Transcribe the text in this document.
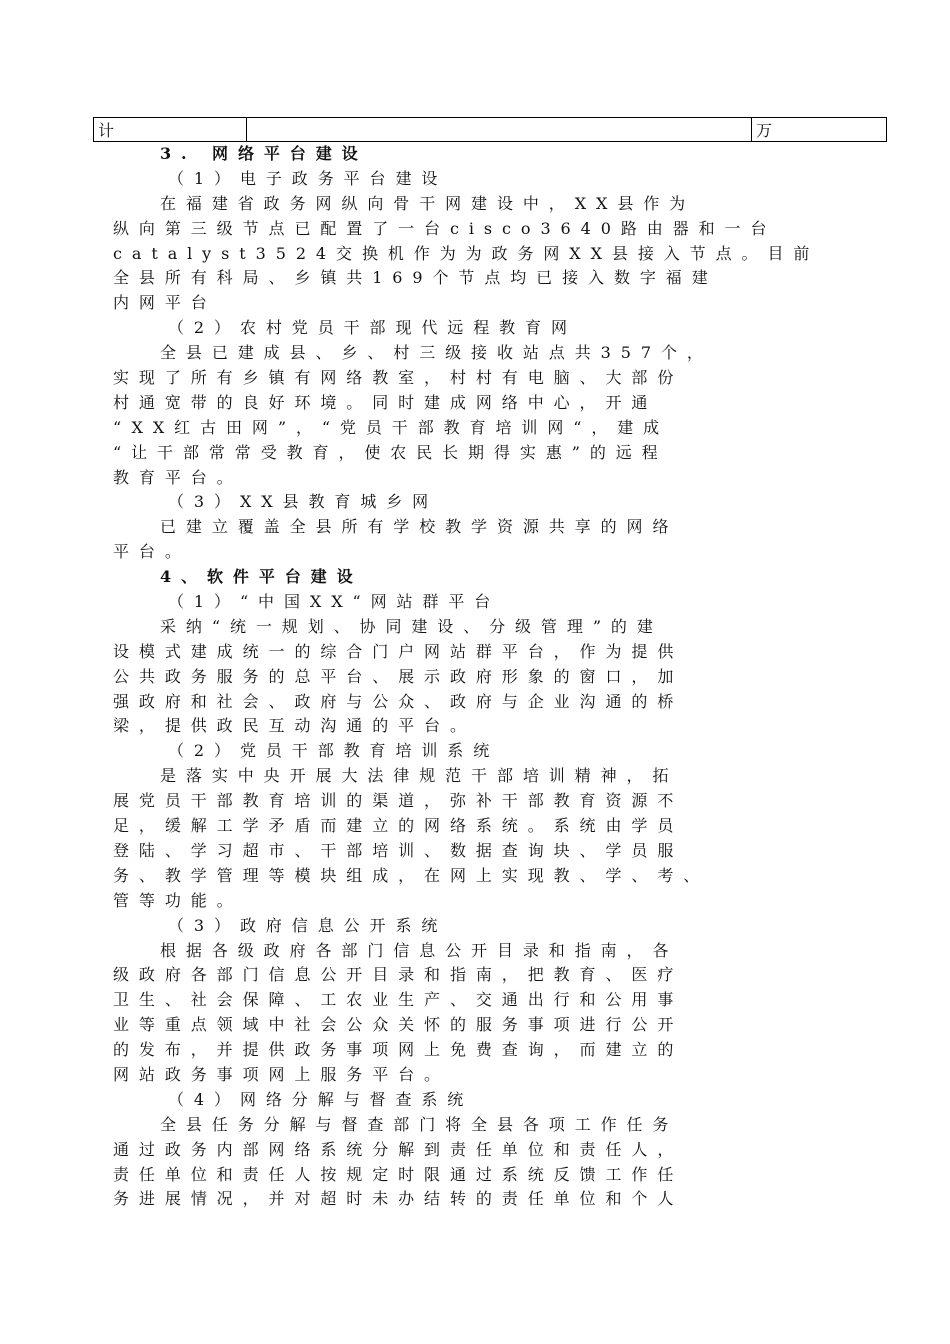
计		万
3. 网络平台建设
（1）电子政务平台建设
在福建省政务网纵向骨干网建设中，XX县作为
纵向第三级节点已配置了一台cisco3640路由器和一台
catalyst3524交换机作为为政务网XX县接入节点。目前
全县所有科局、乡镇共169个节点均已接入数字福建
内网平台
（2）农村党员干部现代远程教育网
全县已建成县、乡、村三级接收站点共357个，
实现了所有乡镇有网络教室，村村有电脑、大部份
村通宽带的良好环境。同时建成网络中心，开通
“XX红古田网”，“党员干部教育培训网“，建成
“让干部常常受教育，使农民长期得实惠”的远程
教育平台。
（3）XX县教育城乡网
已建立覆盖全县所有学校教学资源共享的网络
平台。
4、软件平台建设
（1）“中国XX“网站群平台
采纳“统一规划、协同建设、分级管理”的建
设模式建成统一的综合门户网站群平台，作为提供
公共政务服务的总平台、展示政府形象的窗口，加
强政府和社会、政府与公众、政府与企业沟通的桥
梁，提供政民互动沟通的平台。
（2）党员干部教育培训系统
是落实中央开展大法律规范干部培训精神，拓
展党员干部教育培训的渠道，弥补干部教育资源不
足，缓解工学矛盾而建立的网络系统。系统由学员
登陆、学习超市、干部培训、数据查询块、学员服
务、教学管理等模块组成，在网上实现教、学、考、
管等功能。
（3）政府信息公开系统
根据各级政府各部门信息公开目录和指南，各
级政府各部门信息公开目录和指南，把教育、医疗
卫生、社会保障、工农业生产、交通出行和公用事
业等重点领域中社会公众关怀的服务事项进行公开
的发布，并提供政务事项网上免费查询，而建立的
网站政务事项网上服务平台。
（4）网络分解与督查系统
全县任务分解与督查部门将全县各项工作任务
通过政务内部网络系统分解到责任单位和责任人，
责任单位和责任人按规定时限通过系统反馈工作任
务进展情况，并对超时未办结转的责任单位和个人
